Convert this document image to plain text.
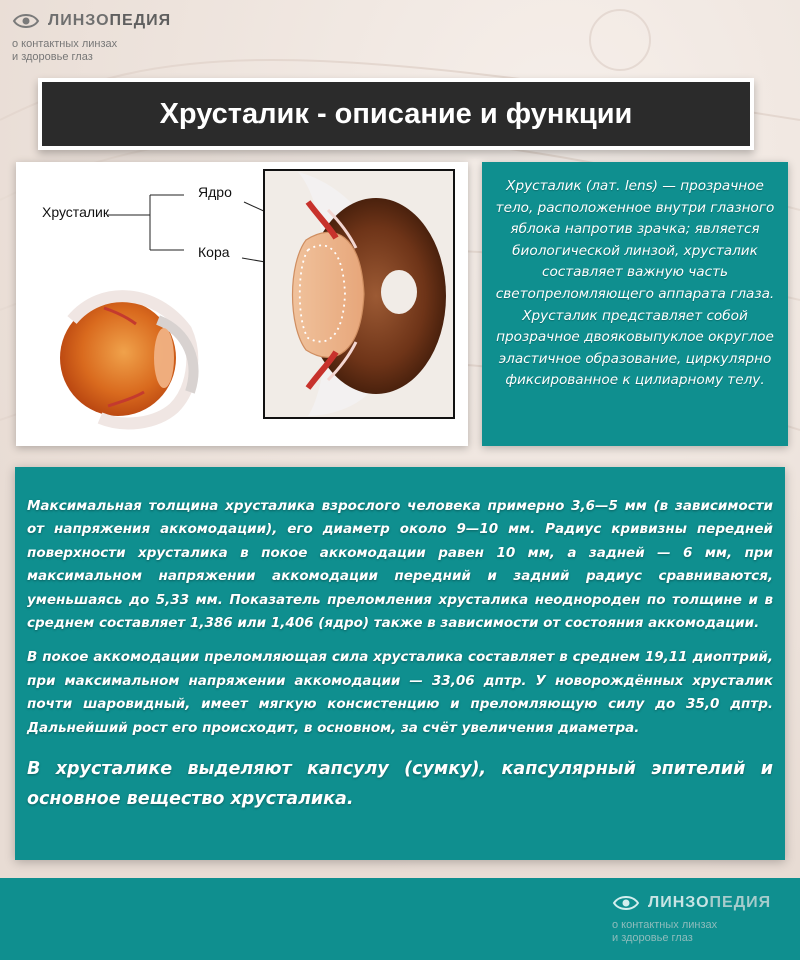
ЛИНЗОПЕДИЯ
о контактных линзах
и здоровье глаз
Хрусталик - описание и функции
Хрусталик
Ядро
Кора
Хрусталик (лат. lens) — прозрачное тело, расположенное внутри глазного яблока напротив зрачка; является биологической линзой, хрусталик составляет важную часть светопреломляющего аппарата глаза. Хрусталик представляет собой прозрачное двояковыпуклое округлое эластичное образование, циркулярно фиксированное к цилиарному телу.

Максимальная толщина хрусталика взрослого человека примерно 3,6—5 мм (в зависимости от напряжения аккомодации), его диаметр около 9—10 мм. Радиус кривизны передней поверхности хрусталика в покое аккомодации равен 10 мм, а задней — 6 мм, при максимальном напряжении аккомодации передний и задний радиус сравниваются, уменьшаясь до 5,33 мм. Показатель преломления хрусталика неоднороден по толщине и в среднем составляет 1,386 или 1,406 (ядро) также в зависимости от состояния аккомодации.

В покое аккомодации преломляющая сила хрусталика составляет в среднем 19,11 диоптрий, при максимальном напряжении аккомодации — 33,06 дптр. У новорождённых хрусталик почти шаровидный, имеет мягкую консистенцию и преломляющую силу до 35,0 дптр. Дальнейший рост его происходит, в основном, за счёт увеличения диаметра.

В хрусталике выделяют капсулу (сумку), капсулярный эпителий и основное вещество хрусталика.

ЛИНЗОПЕДИЯ
о контактных линзах
и здоровье глаз
